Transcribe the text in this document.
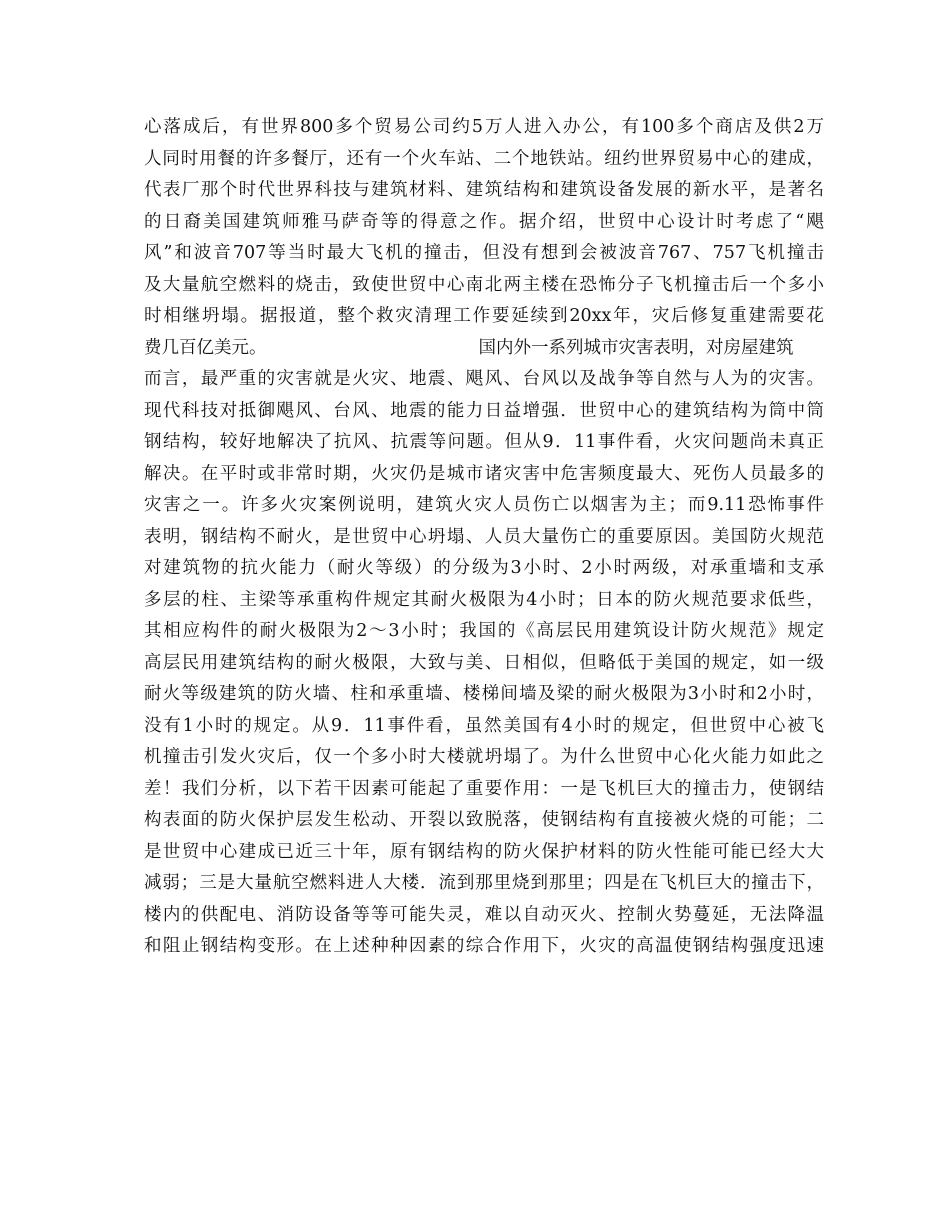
心落成后，有世界800多个贸易公司约5万人进入办公，有100多个商店及供2万
人同时用餐的许多餐厅，还有一个火车站、二个地铁站。纽约世界贸易中心的建成，
代表厂那个时代世界科技与建筑材料、建筑结构和建筑设备发展的新水平，是著名
的日裔美国建筑师雅马萨奇等的得意之作。据介绍，世贸中心设计时考虑了“飓
风”和波音707等当时最大飞机的撞击，但没有想到会被波音767、757飞机撞击
及大量航空燃料的烧击，致使世贸中心南北两主楼在恐怖分子飞机撞击后一个多小
时相继坍塌。据报道，整个救灾清理工作要延续到20xx年，灾后修复重建需要花
费几百亿美元。	国内外一系列城市灾害表明，对房屋建筑
而言，最严重的灾害就是火灾、地震、飓风、台风以及战争等自然与人为的灾害。
现代科技对抵御飓风、台风、地震的能力日益增强．世贸中心的建筑结构为筒中筒
钢结构，较好地解决了抗风、抗震等问题。但从9．11事件看，火灾问题尚未真正
解决。在平时或非常时期，火灾仍是城市诸灾害中危害频度最大、死伤人员最多的
灾害之一。许多火灾案例说明，建筑火灾人员伤亡以烟害为主；而9.11恐怖事件
表明，钢结构不耐火，是世贸中心坍塌、人员大量伤亡的重要原因。美国防火规范
对建筑物的抗火能力（耐火等级）的分级为3小时、2小时两级，对承重墙和支承
多层的柱、主梁等承重构件规定其耐火极限为4小时；日本的防火规范要求低些，
其相应构件的耐火极限为2～3小时；我国的《高层民用建筑设计防火规范》规定
高层民用建筑结构的耐火极限，大致与美、日相似，但略低于美国的规定，如一级
耐火等级建筑的防火墙、柱和承重墙、楼梯间墙及梁的耐火极限为3小时和2小时，
没有1小时的规定。从9．11事件看，虽然美国有4小时的规定，但世贸中心被飞
机撞击引发火灾后，仅一个多小时大楼就坍塌了。为什么世贸中心化火能力如此之
差！我们分析，以下若干因素可能起了重要作用：一是飞机巨大的撞击力，使钢结
构表面的防火保护层发生松动、开裂以致脱落，使钢结构有直接被火烧的可能；二
是世贸中心建成已近三十年，原有钢结构的防火保护材料的防火性能可能已经大大
减弱；三是大量航空燃料进人大楼．流到那里烧到那里；四是在飞机巨大的撞击下，
楼内的供配电、消防设备等等可能失灵，难以自动灭火、控制火势蔓延，无法降温
和阻止钢结构变形。在上述种种因素的综合作用下，火灾的高温使钢结构强度迅速
